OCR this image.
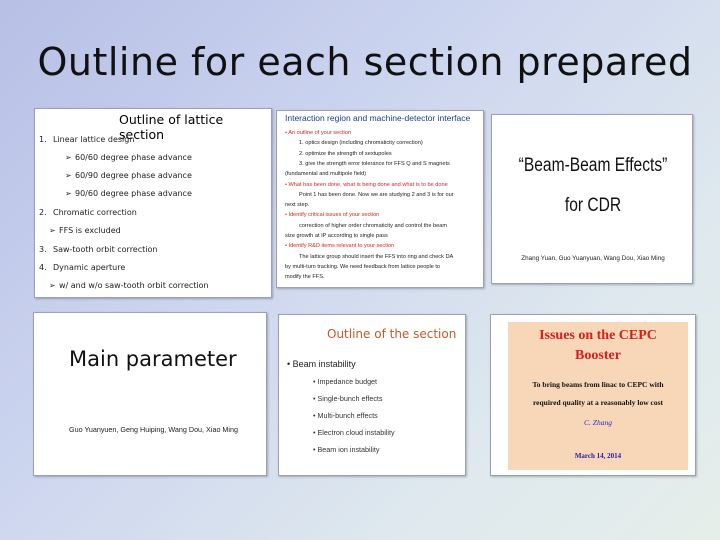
Outline for each section prepared
Outline of lattice section
1. Linear lattice design
➢ 60/60 degree phase advance
➢ 60/90 degree phase advance
➢ 90/60 degree phase advance
2. Chromatic correction
➢ FFS is excluded
3. Saw-tooth orbit correction
4. Dynamic aperture
➢ w/ and w/o saw-tooth orbit correction
Interaction region and machine-detector interface
• An outline of your section
1. optics design (including chromaticity correction)
2. optimize the strength of sextupoles
3. give the strength error tolerance for FFS Q and S magnets
(fundamental and multipole field)
• What has been done, what is being done and what is to be done
Point 1 has been done. Now we are studying 2 and 3 is for our
next step.
• Identify critical issues of your section
correction of higher order chromaticity and control the beam
size growth at IP according to single pass
• Identify R&D items relevant to your section
The lattice group should insert the FFS into ring and check DA
by multi-turn tracking. We need feedback from lattice people to
modify the FFS.
“Beam-Beam Effects”
for CDR
Zhang Yuan, Guo Yuanyuan, Wang Dou, Xiao Ming
Main parameter
Guo Yuanyuen, Geng Huiping, Wang Dou, Xiao Ming
Outline of the section
• Beam instability
• Impedance budget
• Single-bunch effects
• Multi-bunch effects
• Electron cloud instability
• Beam ion instability
Issues on the CEPC
Booster
To bring beams from linac to CEPC with
required quality at a reasonably low cost
C. Zhang
March 14, 2014
